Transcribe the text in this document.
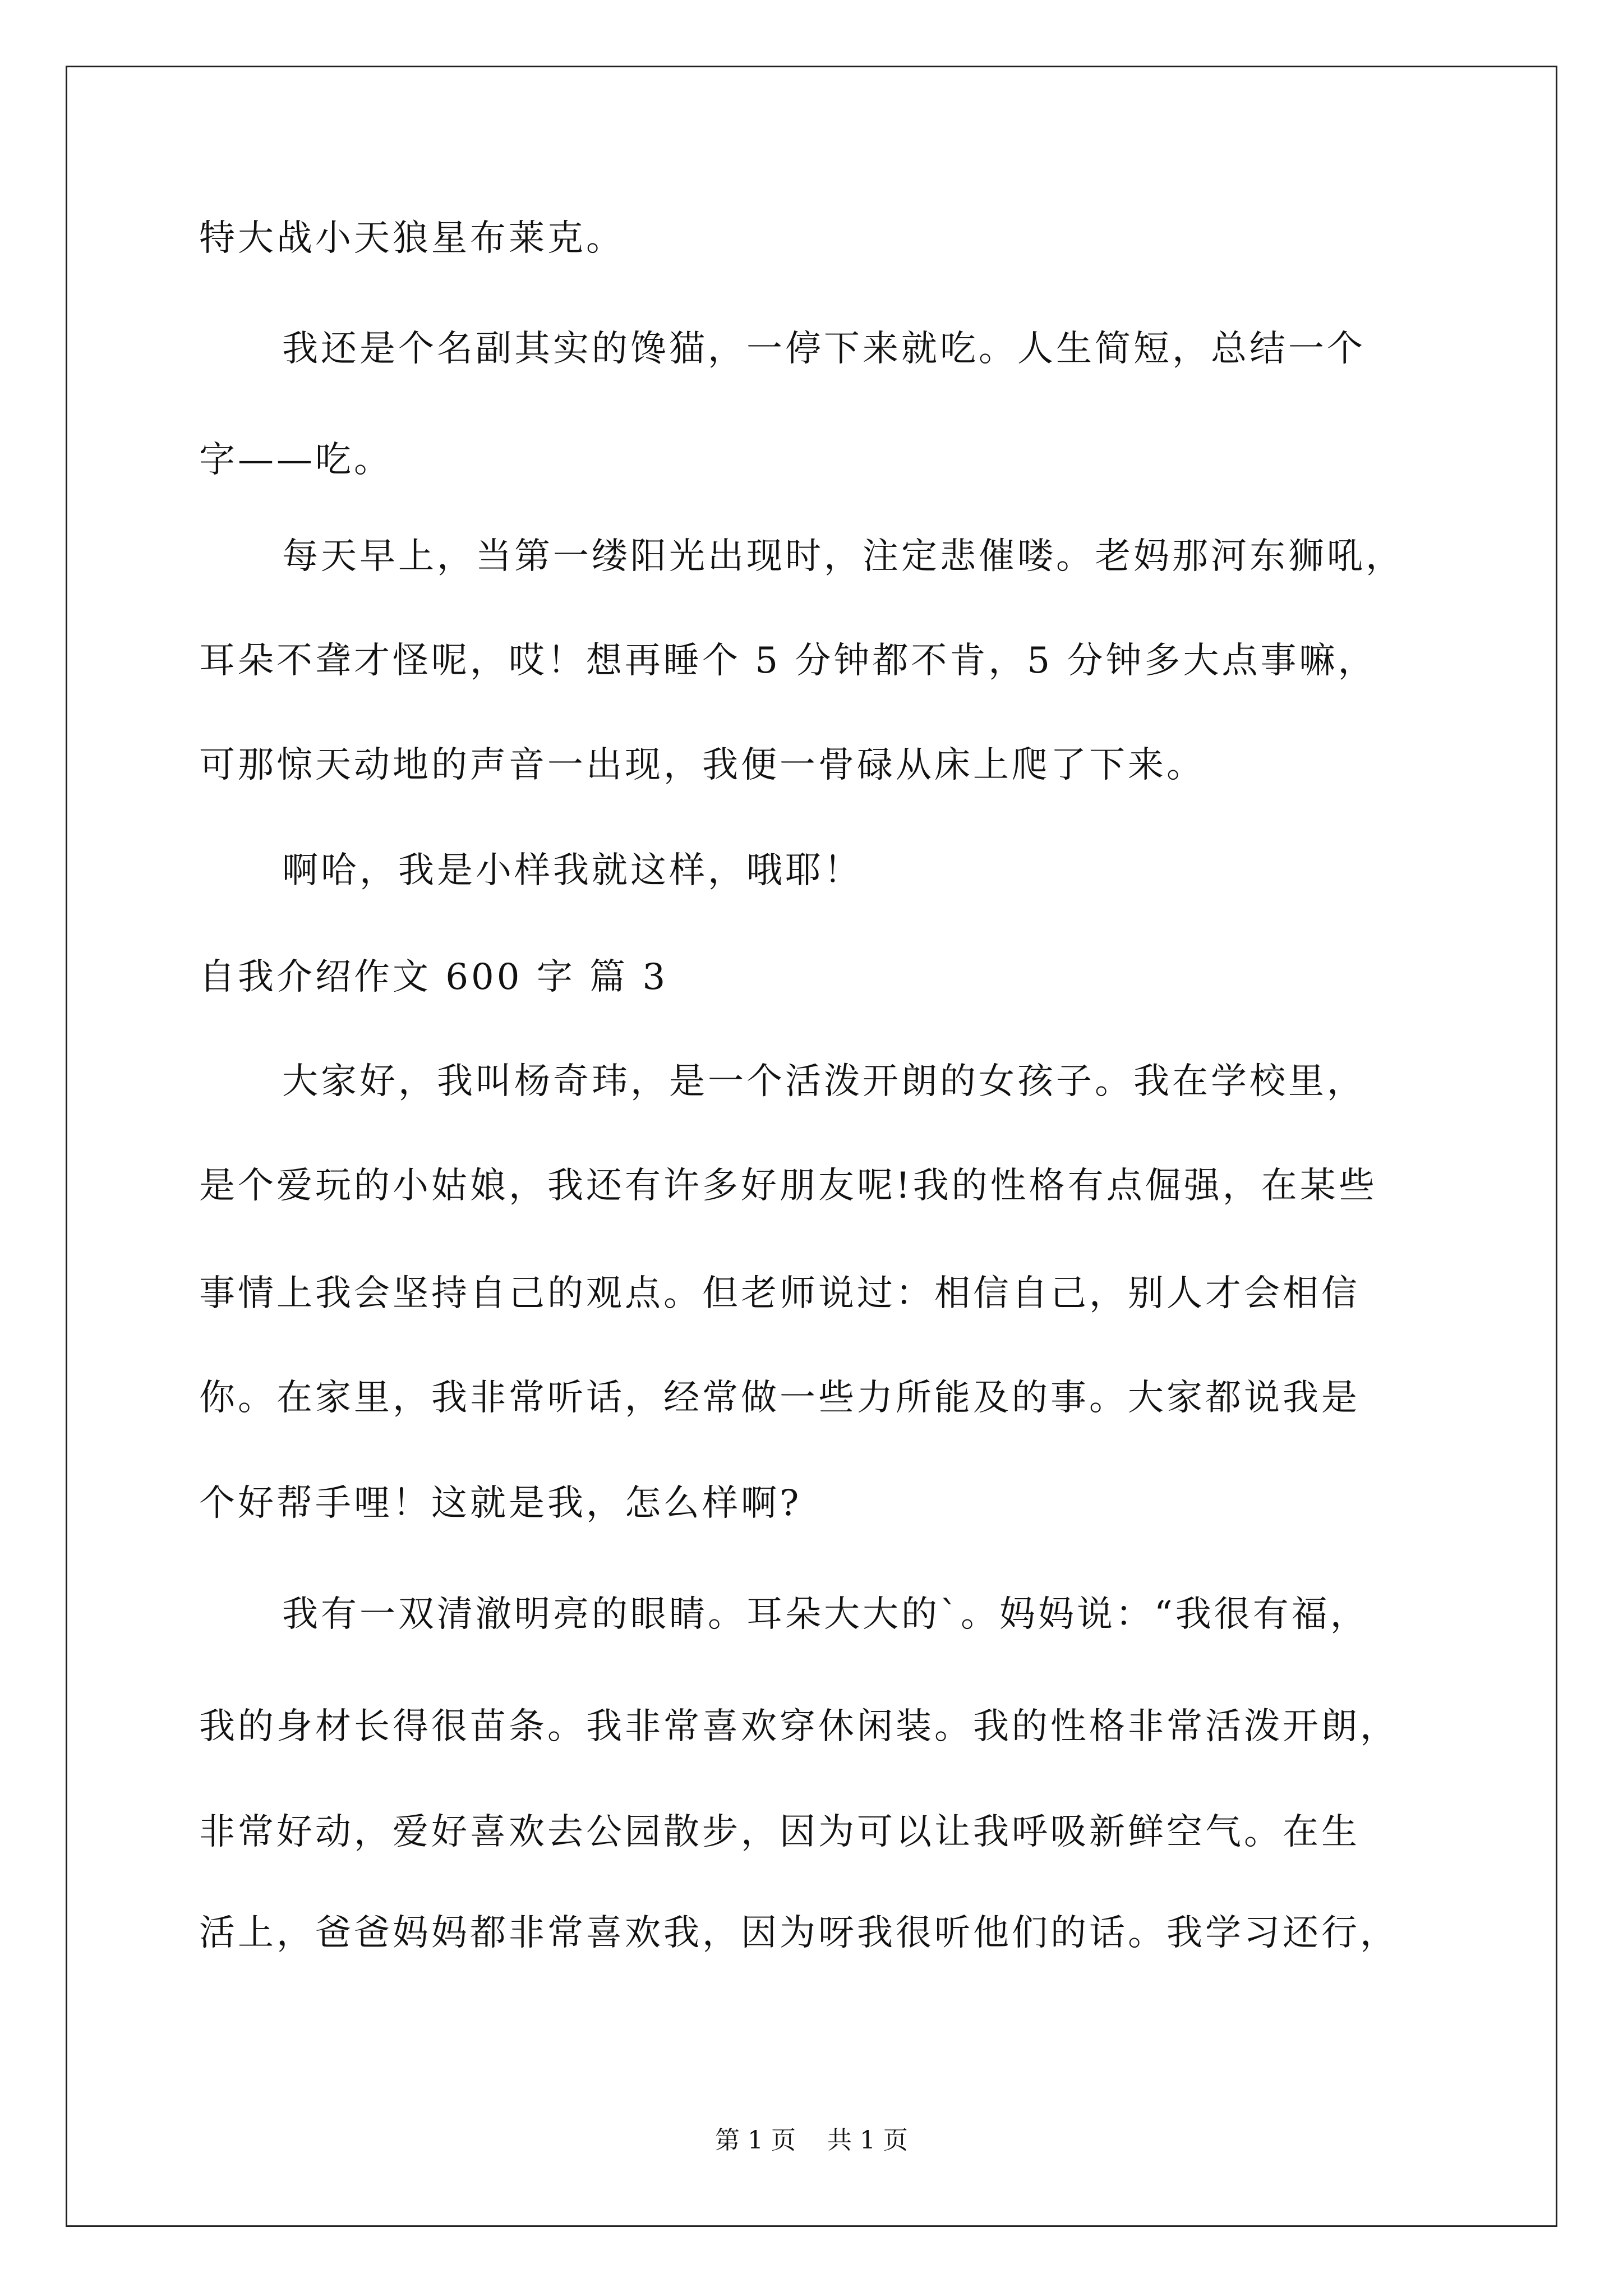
特大战小天狼星布莱克。
我还是个名副其实的馋猫，一停下来就吃。人生简短，总结一个
字——吃。
每天早上，当第一缕阳光出现时，注定悲催喽。老妈那河东狮吼，
耳朵不聋才怪呢，哎！想再睡个 5 分钟都不肯，5 分钟多大点事嘛，
可那惊天动地的声音一出现，我便一骨碌从床上爬了下来。
啊哈，我是小样我就这样，哦耶！
自我介绍作文 600 字 篇 3
大家好，我叫杨奇玮，是一个活泼开朗的女孩子。我在学校里，
是个爱玩的小姑娘，我还有许多好朋友呢!我的性格有点倔强，在某些
事情上我会坚持自己的观点。但老师说过：相信自己，别人才会相信
你。在家里，我非常听话，经常做一些力所能及的事。大家都说我是
个好帮手哩！这就是我，怎么样啊?
我有一双清澈明亮的眼睛。耳朵大大的`。妈妈说：“我很有福，
我的身材长得很苗条。我非常喜欢穿休闲装。我的性格非常活泼开朗，
非常好动，爱好喜欢去公园散步，因为可以让我呼吸新鲜空气。在生
活上，爸爸妈妈都非常喜欢我，因为呀我很听他们的话。我学习还行，
第 1 页    共 1 页
